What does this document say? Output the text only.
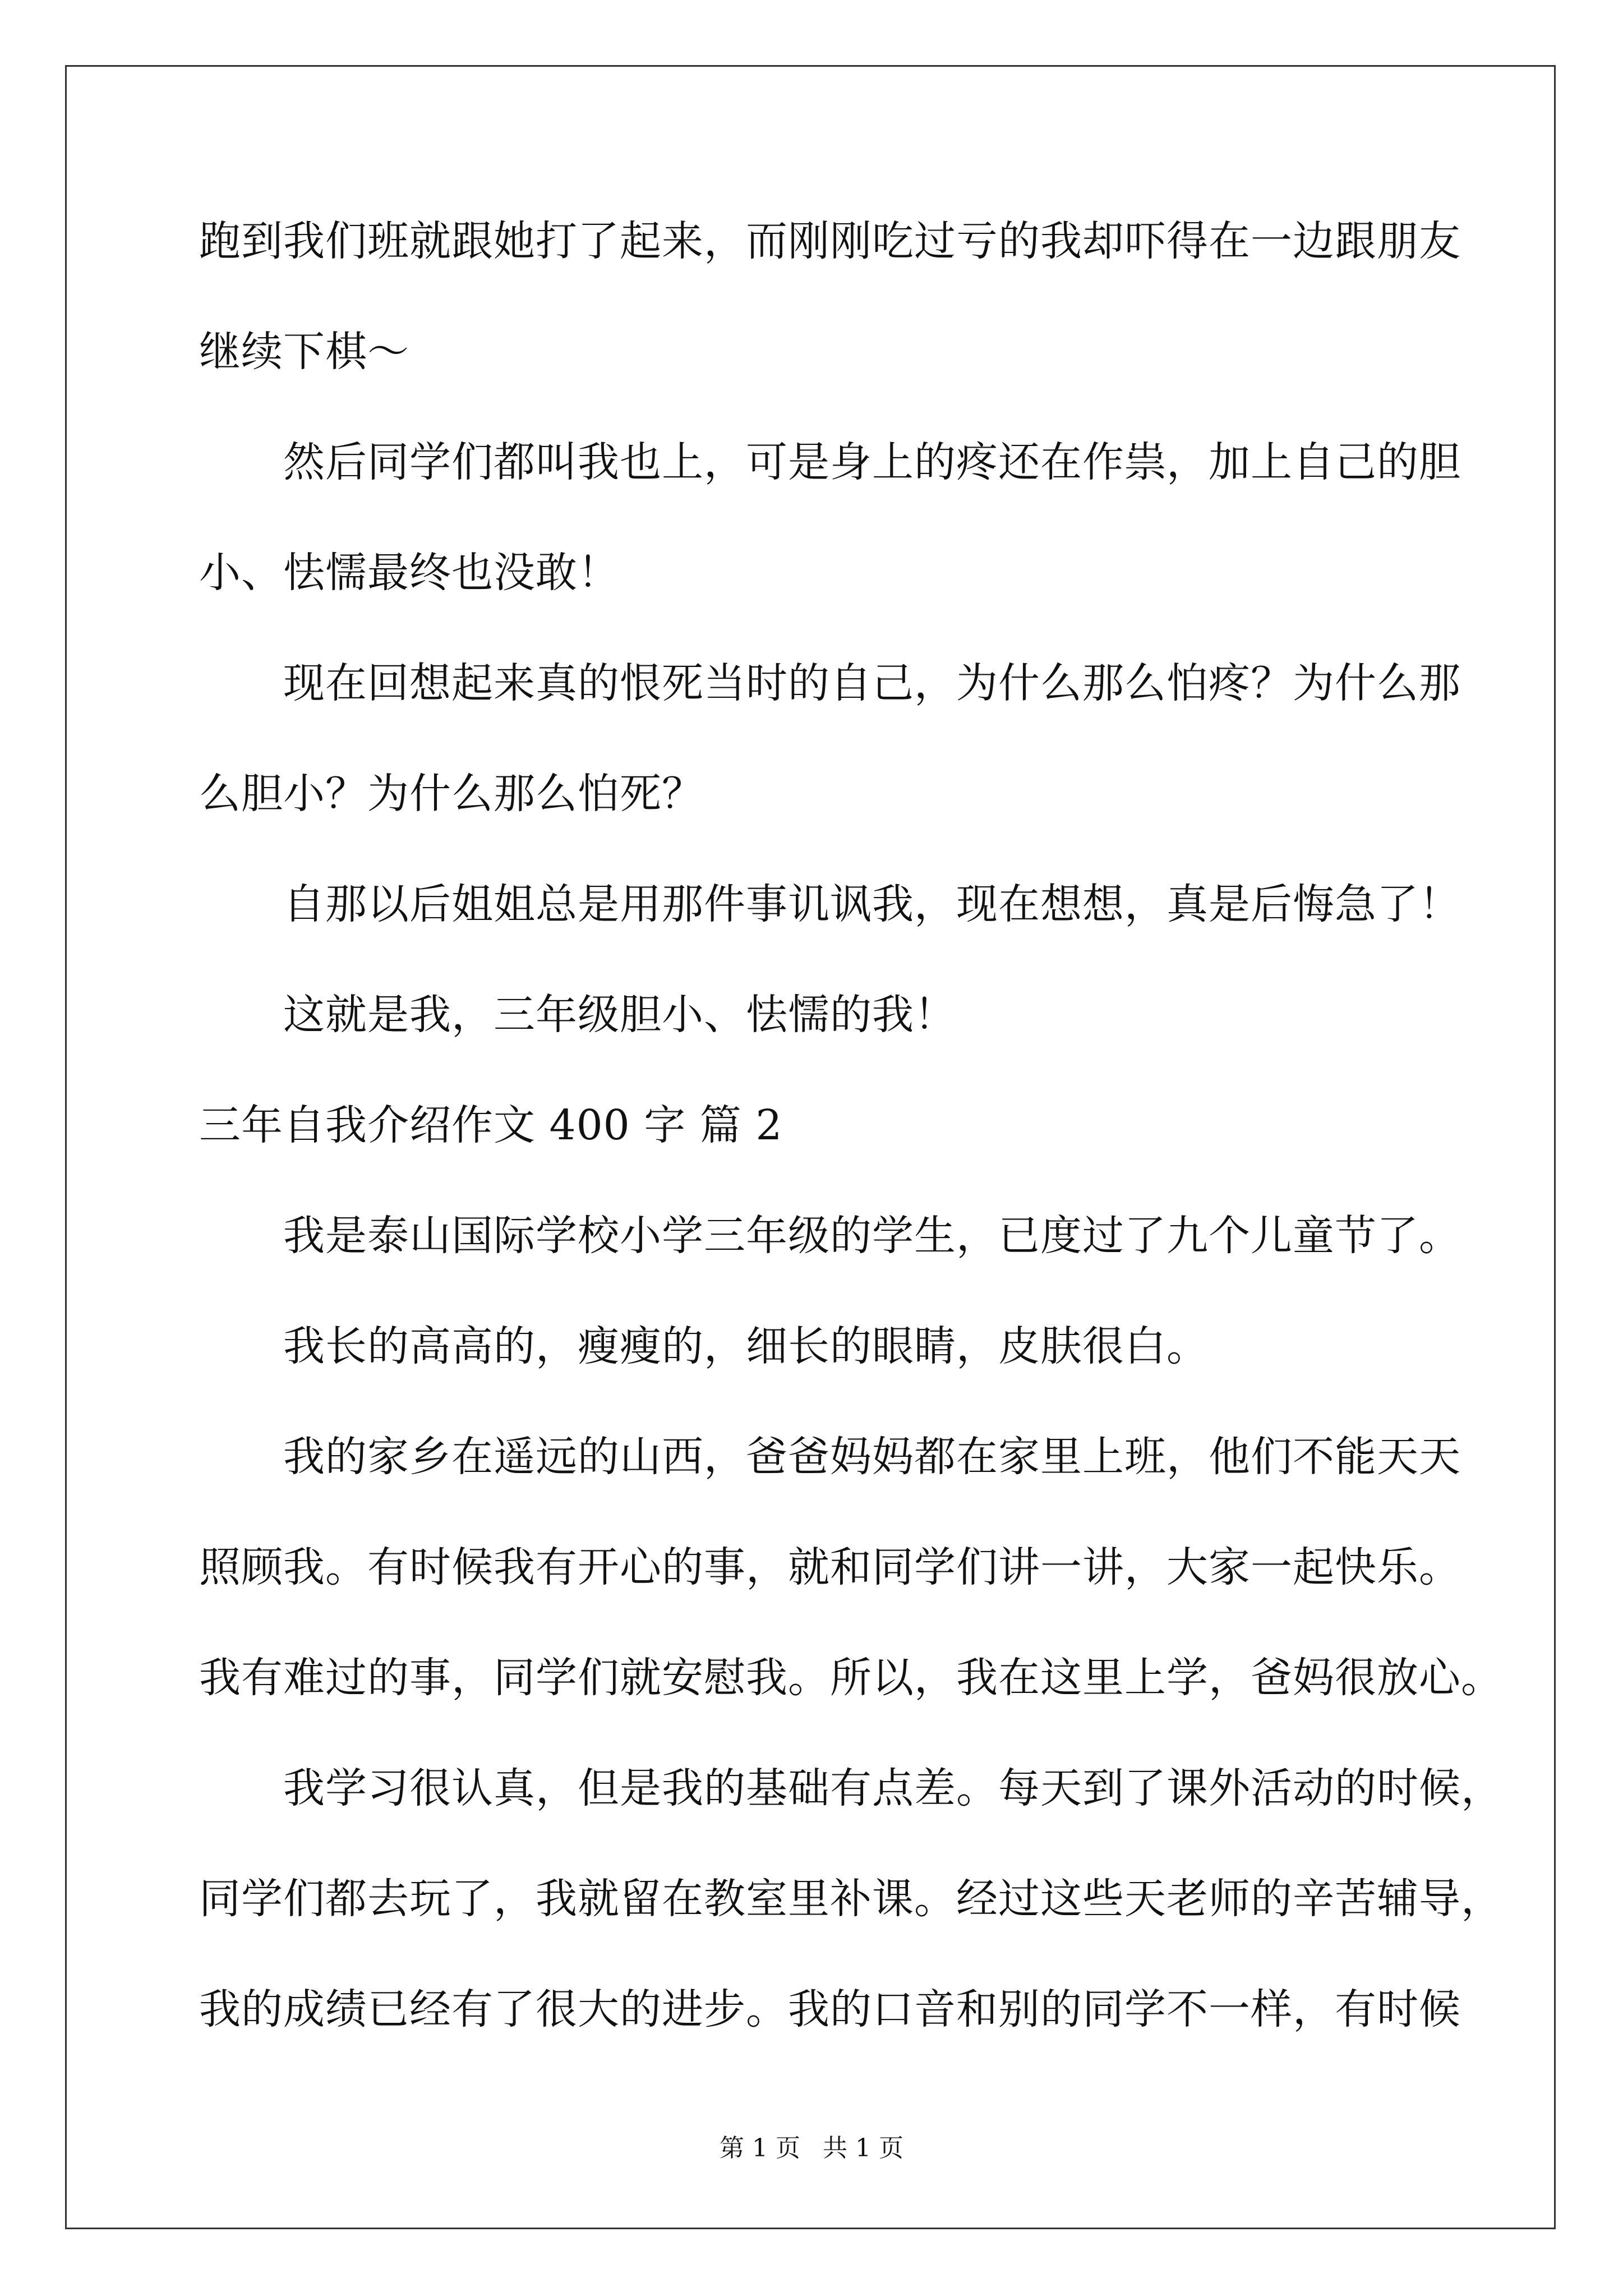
跑到我们班就跟她打了起来，而刚刚吃过亏的我却吓得在一边跟朋友
继续下棋～
然后同学们都叫我也上，可是身上的疼还在作祟，加上自己的胆
小、怯懦最终也没敢！
现在回想起来真的恨死当时的自己，为什么那么怕疼？为什么那
么胆小？为什么那么怕死？
自那以后姐姐总是用那件事讥讽我，现在想想，真是后悔急了！
这就是我，三年级胆小、怯懦的我！
三年自我介绍作文 400 字 篇 2
我是泰山国际学校小学三年级的学生，已度过了九个儿童节了。
我长的高高的，瘦瘦的，细长的眼睛，皮肤很白。
我的家乡在遥远的山西，爸爸妈妈都在家里上班，他们不能天天
照顾我。有时候我有开心的事，就和同学们讲一讲，大家一起快乐。
我有难过的事，同学们就安慰我。所以，我在这里上学，爸妈很放心。
我学习很认真，但是我的基础有点差。每天到了课外活动的时候，
同学们都去玩了，我就留在教室里补课。经过这些天老师的辛苦辅导，
我的成绩已经有了很大的进步。我的口音和别的同学不一样，有时候
第 1 页 共 1 页
